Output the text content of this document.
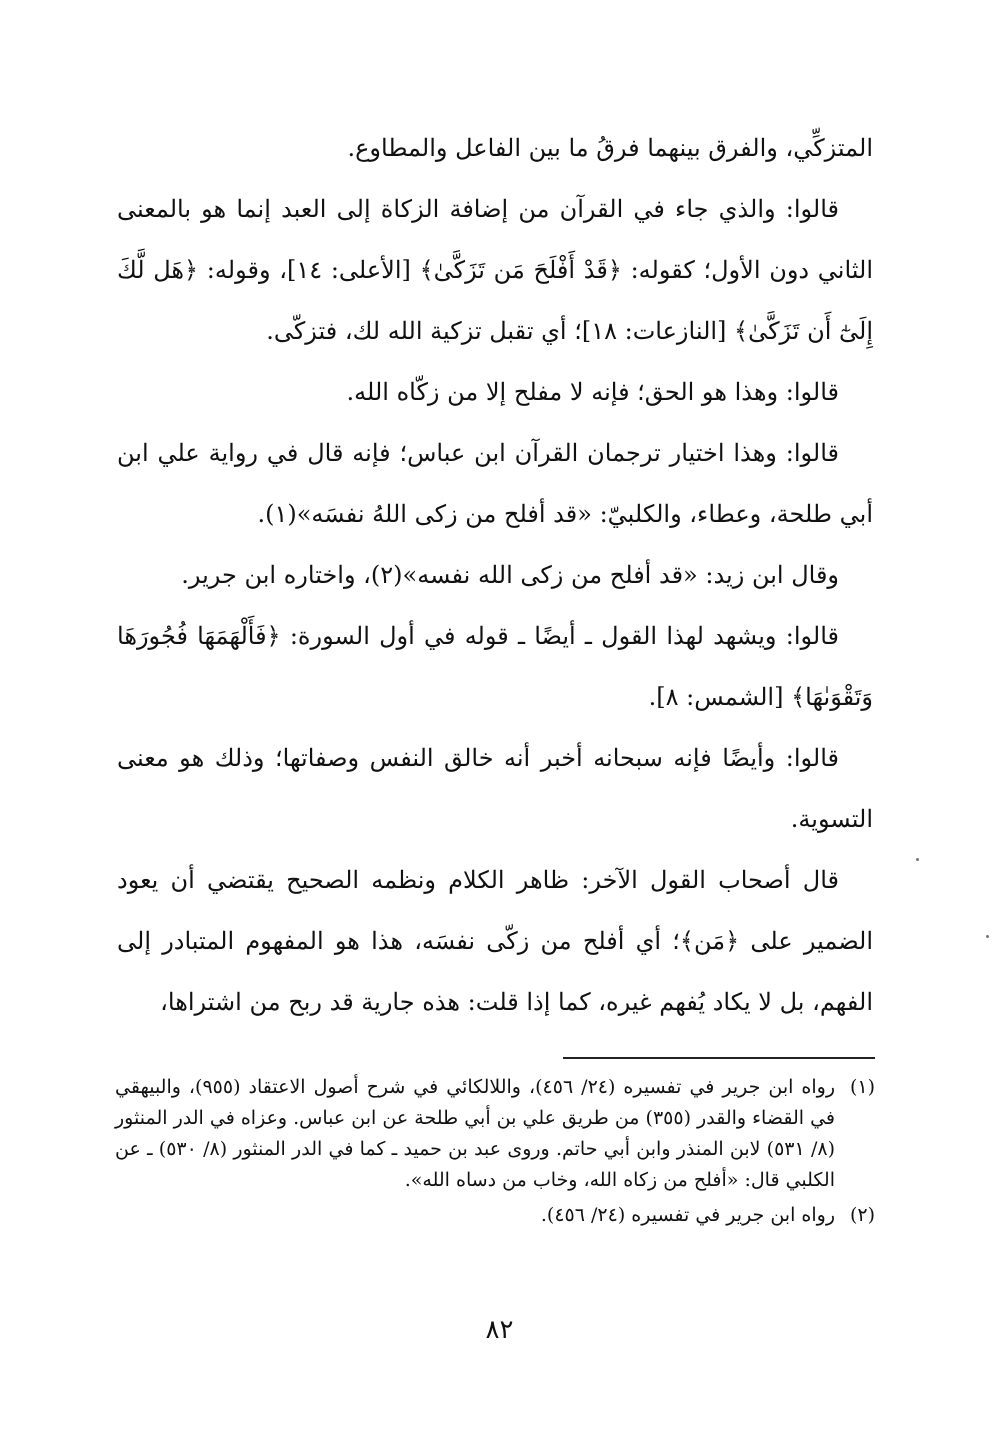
المتزكِّي، والفرق بينهما فرقُ ما بين الفاعل والمطاوع.

قالوا: والذي جاء في القرآن من إضافة الزكاة إلى العبد إنما هو بالمعنى الثاني دون الأول؛ كقوله: ﴿قَدْ أَفْلَحَ مَن تَزَكَّىٰ﴾ [الأعلى: ١٤]، وقوله: ﴿هَل لَّكَ إِلَىٰٓ أَن تَزَكَّىٰ﴾ [النازعات: ١٨]؛ أي تقبل تزكية الله لك، فتزكّى.

قالوا: وهذا هو الحق؛ فإنه لا مفلح إلا من زكّاه الله.

قالوا: وهذا اختيار ترجمان القرآن ابن عباس؛ فإنه قال في رواية علي ابن أبي طلحة، وعطاء، والكلبيّ: «قد أفلح من زكى اللهُ نفسَه»(١).

وقال ابن زيد: «قد أفلح من زكى الله نفسه»(٢)، واختاره ابن جرير.

قالوا: ويشهد لهذا القول ـ أيضًا ـ قوله في أول السورة: ﴿فَأَلْهَمَهَا فُجُورَهَا وَتَقْوَىٰهَا﴾ [الشمس: ٨].

قالوا: وأيضًا فإنه سبحانه أخبر أنه خالق النفس وصفاتها؛ وذلك هو معنى التسوية.

قال أصحاب القول الآخر: ظاهر الكلام ونظمه الصحيح يقتضي أن يعود الضمير على ﴿مَن﴾؛ أي أفلح من زكّى نفسَه، هذا هو المفهوم المتبادر إلى الفهم، بل لا يكاد يُفهم غيره، كما إذا قلت: هذه جارية قد ربح من اشتراها،

(١)
رواه ابن جرير في تفسيره (٢٤/ ٤٥٦)، واللالكائي في شرح أصول الاعتقاد (٩٥٥)، والبيهقي في القضاء والقدر (٣٥٥) من طريق علي بن أبي طلحة عن ابن عباس. وعزاه في الدر المنثور (٨/ ٥٣١) لابن المنذر وابن أبي حاتم. وروى عبد بن حميد ـ كما في الدر المنثور (٨/ ٥٣٠) ـ عن الكلبي قال: «أفلح من زكاه الله، وخاب من دساه الله».
(٢)
رواه ابن جرير في تفسيره (٢٤/ ٤٥٦).
٨٢
